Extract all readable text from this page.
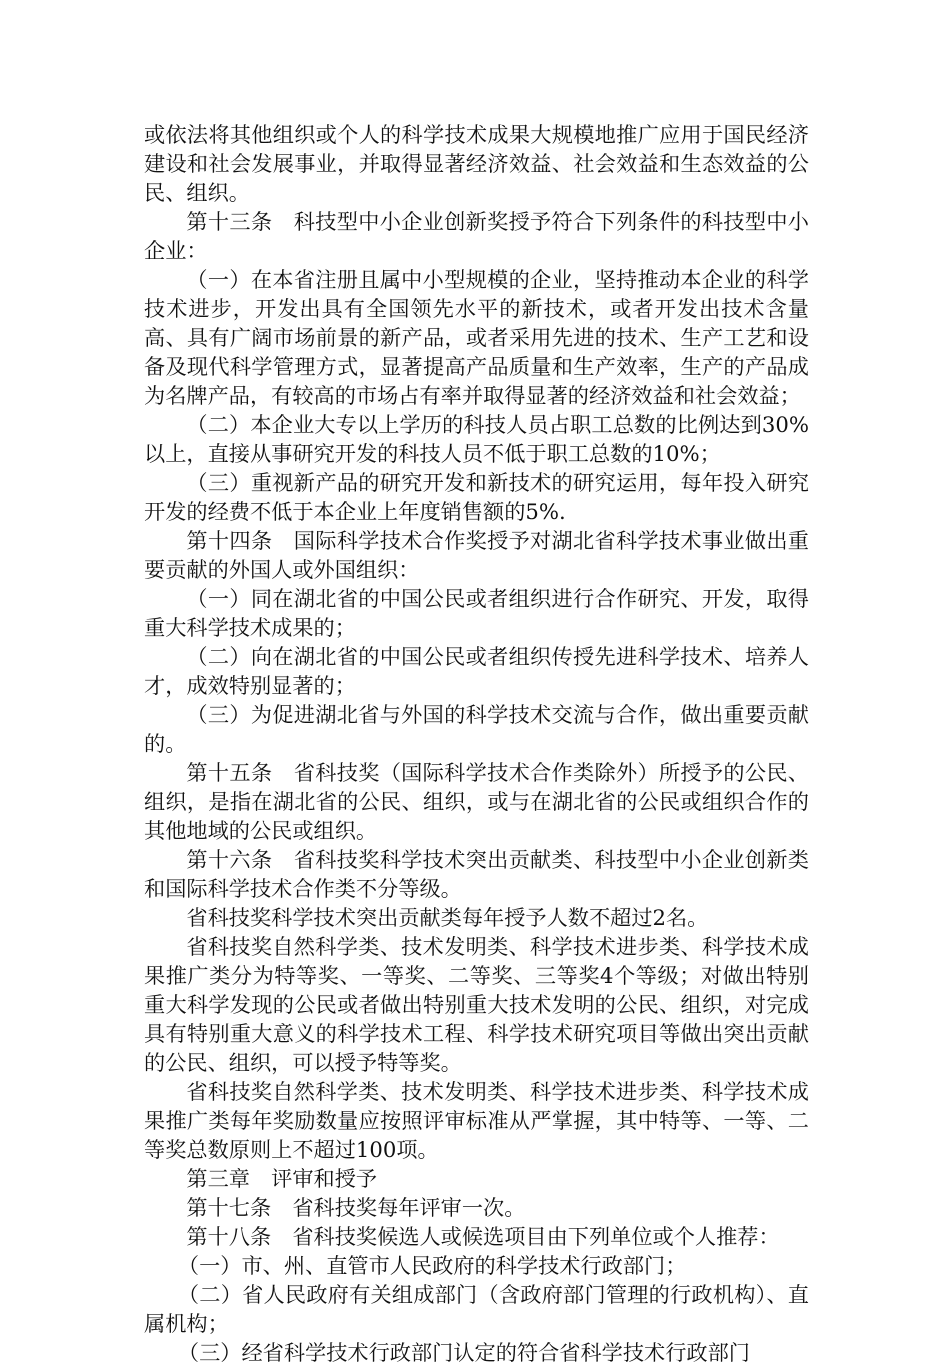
或依法将其他组织或个人的科学技术成果大规模地推广应用于国民经济建设和社会发展事业，并取得显著经济效益、社会效益和生态效益的公民、组织。

第十三条　科技型中小企业创新奖授予符合下列条件的科技型中小企业：

（一）在本省注册且属中小型规模的企业，坚持推动本企业的科学技术进步，开发出具有全国领先水平的新技术，或者开发出技术含量高、具有广阔市场前景的新产品，或者采用先进的技术、生产工艺和设备及现代科学管理方式，显著提高产品质量和生产效率，生产的产品成为名牌产品，有较高的市场占有率并取得显著的经济效益和社会效益；

（二）本企业大专以上学历的科技人员占职工总数的比例达到30%以上，直接从事研究开发的科技人员不低于职工总数的10%；

（三）重视新产品的研究开发和新技术的研究运用，每年投入研究开发的经费不低于本企业上年度销售额的5%.

第十四条　国际科学技术合作奖授予对湖北省科学技术事业做出重要贡献的外国人或外国组织：

（一）同在湖北省的中国公民或者组织进行合作研究、开发，取得重大科学技术成果的；

（二）向在湖北省的中国公民或者组织传授先进科学技术、培养人才，成效特别显著的；

（三）为促进湖北省与外国的科学技术交流与合作，做出重要贡献的。

第十五条　省科技奖（国际科学技术合作类除外）所授予的公民、组织，是指在湖北省的公民、组织，或与在湖北省的公民或组织合作的其他地域的公民或组织。

第十六条　省科技奖科学技术突出贡献类、科技型中小企业创新类和国际科学技术合作类不分等级。

省科技奖科学技术突出贡献类每年授予人数不超过2名。

省科技奖自然科学类、技术发明类、科学技术进步类、科学技术成果推广类分为特等奖、一等奖、二等奖、三等奖4个等级；对做出特别重大科学发现的公民或者做出特别重大技术发明的公民、组织，对完成具有特别重大意义的科学技术工程、科学技术研究项目等做出突出贡献的公民、组织，可以授予特等奖。

省科技奖自然科学类、技术发明类、科学技术进步类、科学技术成果推广类每年奖励数量应按照评审标准从严掌握，其中特等、一等、二等奖总数原则上不超过100项。

第三章　评审和授予

第十七条　省科技奖每年评审一次。

第十八条　省科技奖候选人或候选项目由下列单位或个人推荐：

（一）市、州、直管市人民政府的科学技术行政部门；

（二）省人民政府有关组成部门（含政府部门管理的行政机构）、直属机构；

（三）经省科学技术行政部门认定的符合省科学技术行政部门
